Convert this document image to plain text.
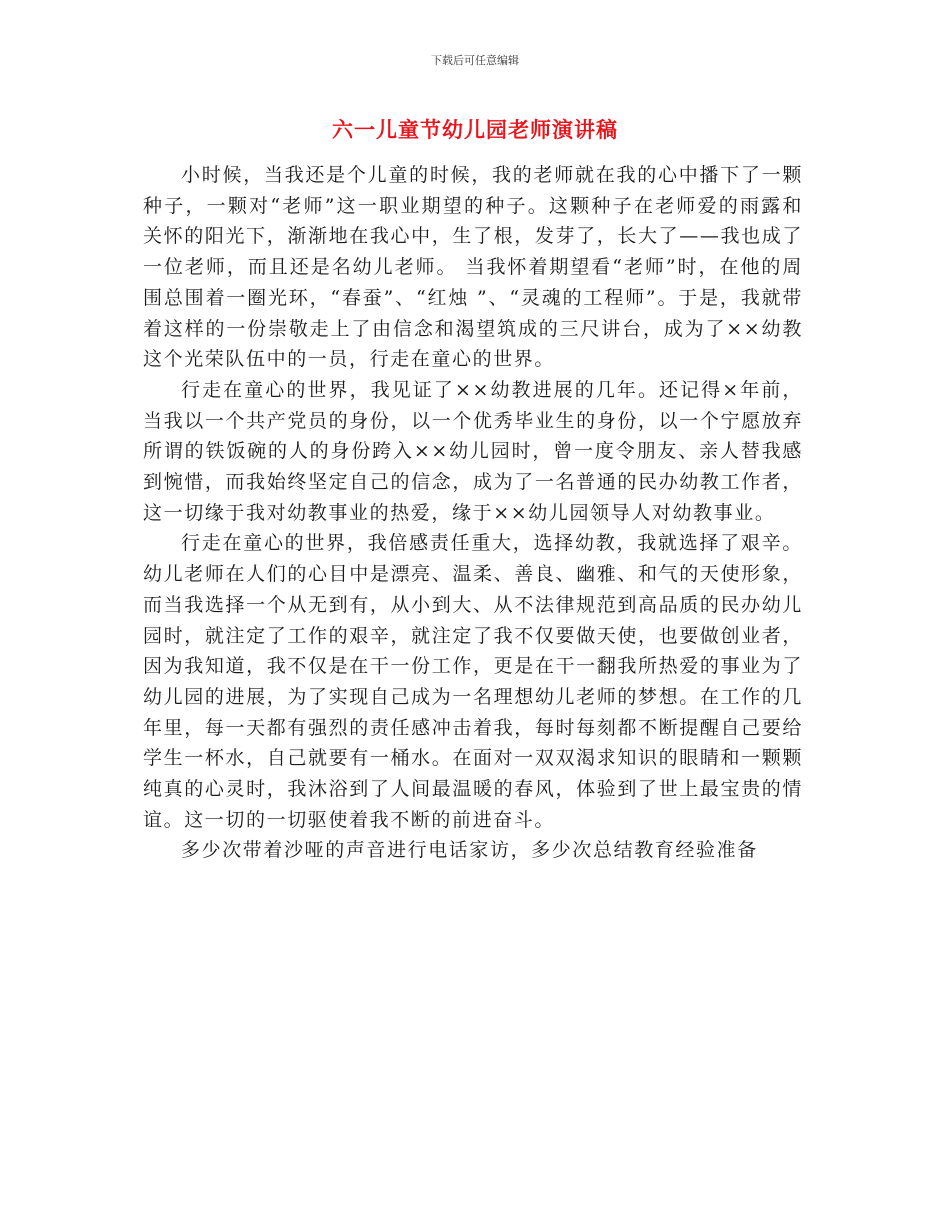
下载后可任意编辑
六一儿童节幼儿园老师演讲稿

小时候，当我还是个儿童的时候，我的老师就在我的心中播下了一颗种子，一颗对“老师”这一职业期望的种子。这颗种子在老师爱的雨露和关怀的阳光下，渐渐地在我心中，生了根，发芽了，长大了——我也成了一位老师，而且还是名幼儿老师。 当我怀着期望看“老师”时，在他的周围总围着一圈光环，“春蚕”、“红烛 ”、“灵魂的工程师”。于是，我就带着这样的一份崇敬走上了由信念和渴望筑成的三尺讲台，成为了××幼教这个光荣队伍中的一员，行走在童心的世界。

行走在童心的世界，我见证了××幼教进展的几年。还记得×年前，当我以一个共产党员的身份，以一个优秀毕业生的身份，以一个宁愿放弃所谓的铁饭碗的人的身份跨入××幼儿园时，曾一度令朋友、亲人替我感到惋惜，而我始终坚定自己的信念，成为了一名普通的民办幼教工作者，这一切缘于我对幼教事业的热爱，缘于××幼儿园领导人对幼教事业。

行走在童心的世界，我倍感责任重大，选择幼教，我就选择了艰辛。幼儿老师在人们的心目中是漂亮、温柔、善良、幽雅、和气的天使形象，而当我选择一个从无到有，从小到大、从不法律规范到高品质的民办幼儿园时，就注定了工作的艰辛，就注定了我不仅要做天使，也要做创业者，因为我知道，我不仅是在干一份工作，更是在干一翻我所热爱的事业为了幼儿园的进展，为了实现自己成为一名理想幼儿老师的梦想。在工作的几年里，每一天都有强烈的责任感冲击着我，每时每刻都不断提醒自己要给学生一杯水，自己就要有一桶水。在面对一双双渴求知识的眼睛和一颗颗纯真的心灵时，我沐浴到了人间最温暖的春风，体验到了世上最宝贵的情谊。这一切的一切驱使着我不断的前进奋斗。

多少次带着沙哑的声音进行电话家访，多少次总结教育经验准备
